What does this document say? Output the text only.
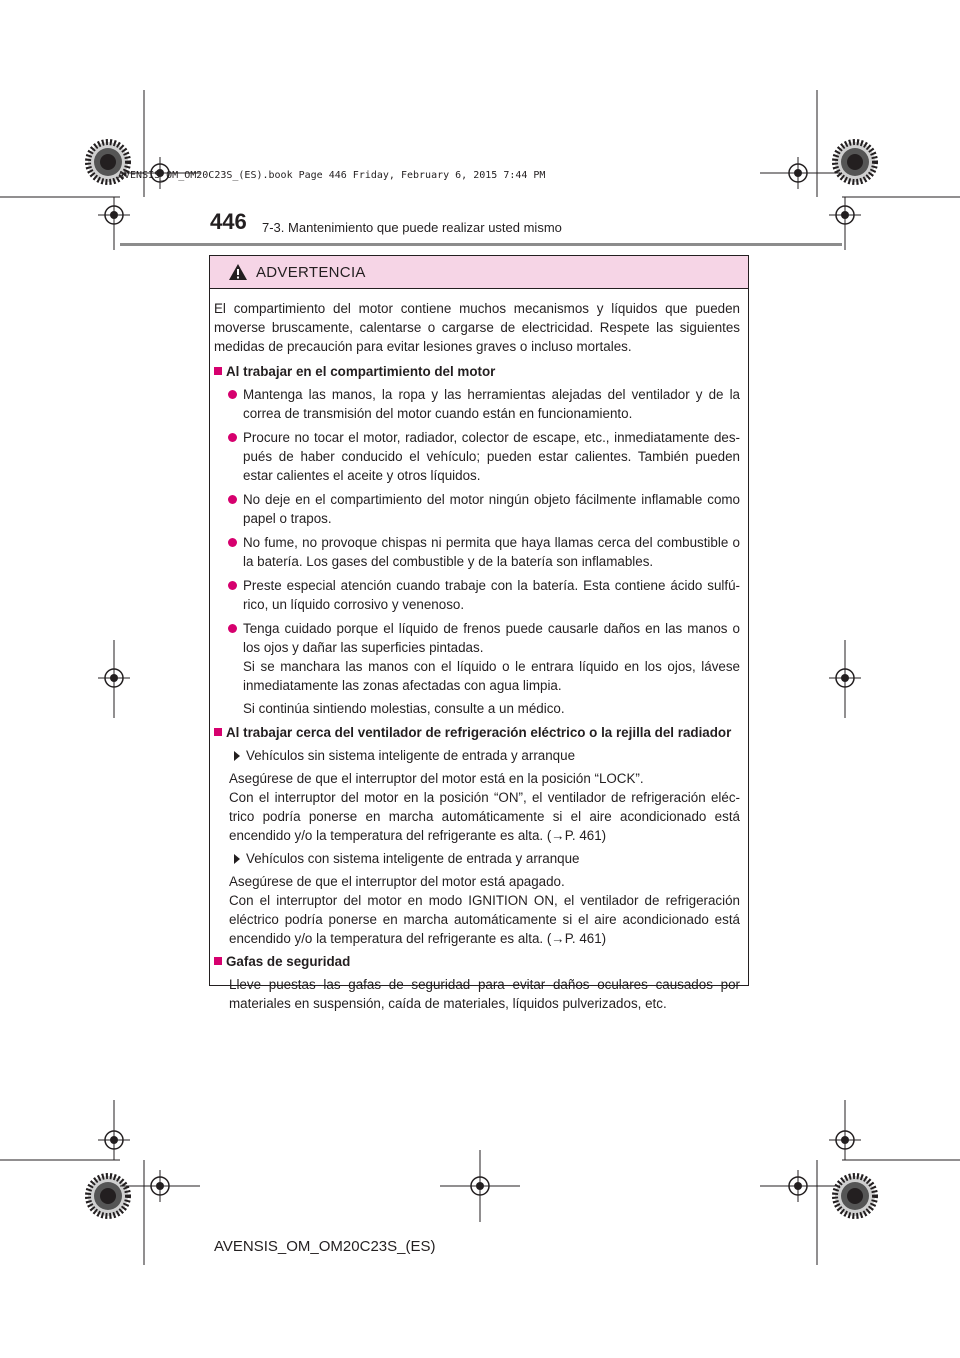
AVENSIS_OM_OM20C23S_(ES).book Page 446 Friday, February 6, 2015 7:44 PM
446 7-3. Mantenimiento que puede realizar usted mismo
ADVERTENCIA

El compartimiento del motor contiene muchos mecanismos y líquidos que pueden moverse bruscamente, calentarse o cargarse de electricidad. Respete las siguientes medidas de precaución para evitar lesiones graves o incluso mortales.

Al trabajar en el compartimiento del motor

Mantenga las manos, la ropa y las herramientas alejadas del ventilador y de la correa de transmisión del motor cuando están en funcionamiento.

Procure no tocar el motor, radiador, colector de escape, etc., inmediatamente des-pués de haber conducido el vehículo; pueden estar calientes. También pueden estar calientes el aceite y otros líquidos.

No deje en el compartimiento del motor ningún objeto fácilmente inflamable como papel o trapos.

No fume, no provoque chispas ni permita que haya llamas cerca del combustible o la batería. Los gases del combustible y de la batería son inflamables.

Preste especial atención cuando trabaje con la batería. Esta contiene ácido sulfú-rico, un líquido corrosivo y venenoso.

Tenga cuidado porque el líquido de frenos puede causarle daños en las manos o los ojos y dañar las superficies pintadas.

Si se manchara las manos con el líquido o le entrara líquido en los ojos, lávese inmediatamente las zonas afectadas con agua limpia.

Si continúa sintiendo molestias, consulte a un médico.

Al trabajar cerca del ventilador de refrigeración eléctrico o la rejilla del radiador
Vehículos sin sistema inteligente de entrada y arranque

Asegúrese de que el interruptor del motor está en la posición “LOCK”.

Con el interruptor del motor en la posición “ON”, el ventilador de refrigeración eléc-trico podría ponerse en marcha automáticamente si el aire acondicionado está encendido y/o la temperatura del refrigerante es alta. (→P. 461)

Vehículos con sistema inteligente de entrada y arranque

Asegúrese de que el interruptor del motor está apagado.

Con el interruptor del motor en modo IGNITION ON, el ventilador de refrigeración eléctrico podría ponerse en marcha automáticamente si el aire acondicionado está encendido y/o la temperatura del refrigerante es alta. (→P. 461)

Gafas de seguridad

Lleve puestas las gafas de seguridad para evitar daños oculares causados por materiales en suspensión, caída de materiales, líquidos pulverizados, etc.

AVENSIS_OM_OM20C23S_(ES)
